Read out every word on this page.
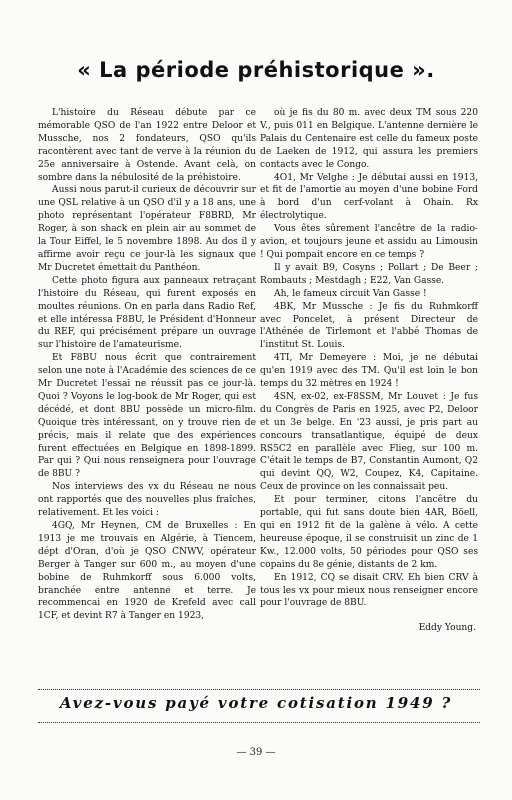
« La période préhistorique ».

L'histoire du Réseau débute par ce mémorable QSO de l'an 1922 entre Deloor et Mussche, nos 2 fondateurs, QSO qu'ils racontèrent avec tant de verve à la réunion du 25e anniversaire à Ostende. Avant celà, on sombre dans la nébulosité de la préhistoire.

Aussi nous parut-il curieux de découvrir sur une QSL relative à un QSO d'il y a 18 ans, une photo représentant l'opérateur F8BRD, Mr Roger, à son shack en plein air au sommet de la Tour Eiffel, le 5 novembre 1898. Au dos il y affirme avoir reçu ce jour-là les signaux que Mr Ducretet émettait du Panthéon.

Cette photo figura aux panneaux retraçant l'histoire du Réseau, qui furent exposés en moultes réunions. On en parla dans Radio Ref, et elle intéressa F8BU, le Président d'Honneur du REF, qui précisément prépare un ouvrage sur l'histoire de l'amateurisme.

Et F8BU nous écrit que contrairement selon une note à l'Académie des sciences de ce Mr Ducretet l'essai ne réussit pas ce jour-là. Quoi ? Voyons le log-book de Mr Roger, qui est décédé, et dont 8BU possède un micro-film. Quoique très intéressant, on y trouve rien de précis, mais il relate que des expériences furent effectuées en Belgique en 1898-1899. Par qui ? Qui nous renseignera pour l'ouvrage de 8BU ?

Nos interviews des vx du Réseau ne nous ont rapportés que des nouvelles plus fraîches, relativement. Et les voici :

4GQ, Mr Heynen, CM de Bruxelles : En 1913 je me trouvais en Algérie, à Tiencem, dépt d'Oran, d'où je QSO CNWV, opérateur Berger à Tanger sur 600 m., au moyen d'une bobine de Ruhmkorff sous 6.000 volts, branchée entre antenne et terre. Je recommencai en 1920 de Krefeld avec call 1CF, et devint R7 à Tanger en 1923,

où je fis du 80 m. avec deux TM sous 220 V., puis 011 en Belgique. L'antenne dernière le Palais du Centenaire est celle du fameux poste de Laeken de 1912, qui assura les premiers contacts avec le Congo.

4O1, Mr Velghe : Je débutai aussi en 1913, et fit de l'amortie au moyen d'une bobine Ford à bord d'un cerf-volant à Ohain. Rx électrolytique.

Vous êtes sûrement l'ancêtre de la radio-avion, et toujours jeune et assidu au Limousin ! Qui pompait encore en ce temps ?

Il y avait B9, Cosyns ; Pollart ; De Beer ; Rombauts ; Mestdagh ; E22, Van Gasse.

Ah, le fameux circuit Van Gasse !

4BK, Mr Mussche : Je fis du Ruhmkorff avec Poncelet, à présent Directeur de l'Athénée de Tirlemont et l'abbé Thomas de l'institut St. Louis.

4TI, Mr Demeyere : Moi, je ne débutai qu'en 1919 avec des TM. Qu'il est loin le bon temps du 32 mètres en 1924 !

4SN, ex-02, ex-F8SSM, Mr Louvet : Je fus du Congrès de Paris en 1925, avec P2, Deloor et un 3e belge. En '23 aussi, je pris part au concours transatlantique, équipé de deux RS5C2 en parallèle avec Flieg, sur 100 m. C'était le temps de B7, Constantin Aumont, Q2 qui devint QQ, W2, Coupez, K4, Capitaine. Ceux de province on les connaissait peu.

Et pour terminer, citons l'ancêtre du portable, qui fut sans doute bien 4AR, Böell, qui en 1912 fit de la galène à vélo. A cette heureuse époque, il se construisit un zinc de 1 Kw., 12.000 volts, 50 périodes pour QSO ses copains du 8e génie, distants de 2 km.

En 1912, CQ se disait CRV. Eh bien CRV à tous les vx pour mieux nous renseigner encore pour l'ouvrage de 8BU.

Eddy Young.
Avez-vous payé votre cotisation 1949 ?
— 39 —
